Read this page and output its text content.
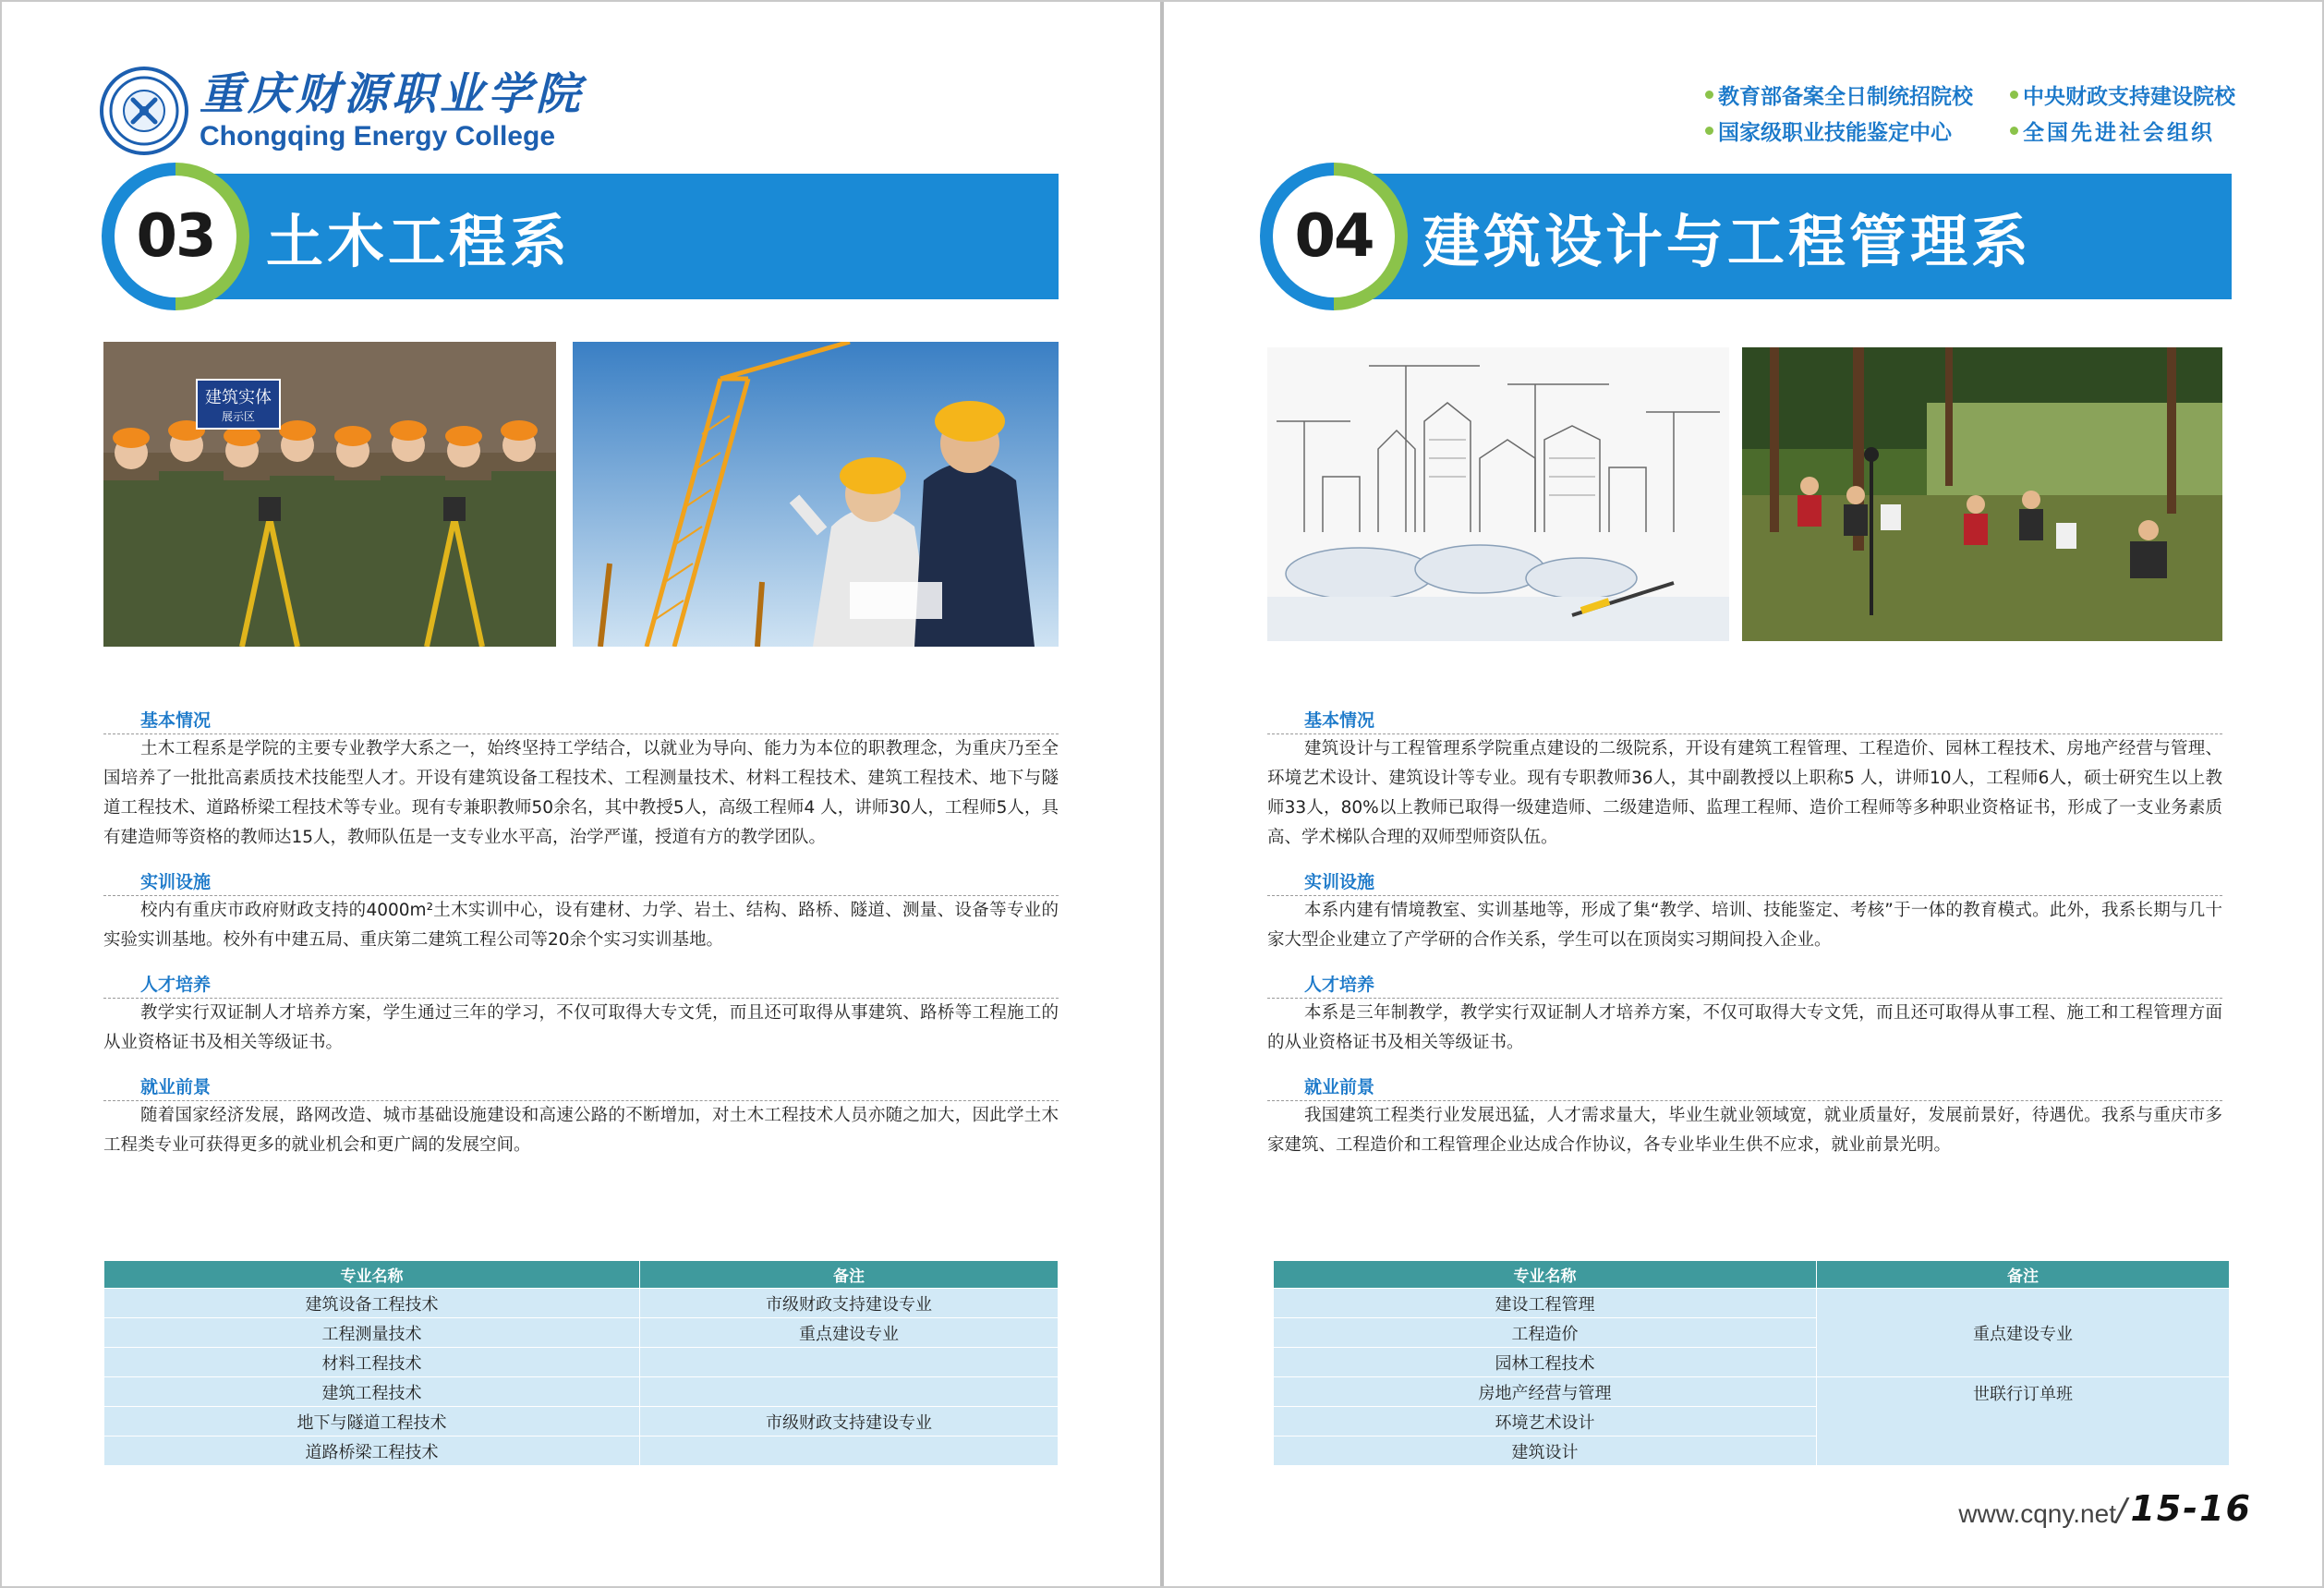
重庆财源职业学院
Chongqing Energy College
03 土木工程系
建筑实体
展示区
基本情况
土木工程系是学院的主要专业教学大系之一，始终坚持工学结合，以就业为导向、能力为本位的职教理念，为重庆乃至全国培养了一批批高素质技术技能型人才。开设有建筑设备工程技术、工程测量技术、材料工程技术、建筑工程技术、地下与隧道工程技术、道路桥梁工程技术等专业。现有专兼职教师50余名，其中教授5人，高级工程师4 人，讲师30人，工程师5人，具有建造师等资格的教师达15人，教师队伍是一支专业水平高，治学严谨，授道有方的教学团队。
实训设施
校内有重庆市政府财政支持的4000m²土木实训中心，设有建材、力学、岩土、结构、路桥、隧道、测量、设备等专业的实验实训基地。校外有中建五局、重庆第二建筑工程公司等20余个实习实训基地。
人才培养
教学实行双证制人才培养方案，学生通过三年的学习，不仅可取得大专文凭，而且还可取得从事建筑、路桥等工程施工的从业资格证书及相关等级证书。
就业前景
随着国家经济发展，路网改造、城市基础设施建设和高速公路的不断增加，对土木工程技术人员亦随之加大，因此学土木工程类专业可获得更多的就业机会和更广阔的发展空间。
专业名称	备注
建筑设备工程技术	市级财政支持建设专业
工程测量技术	重点建设专业
材料工程技术	
建筑工程技术	
地下与隧道工程技术	市级财政支持建设专业
道路桥梁工程技术	
教育部备案全日制统招院校 中央财政支持建设院校
国家级职业技能鉴定中心	全国先进社会组织
04 建筑设计与工程管理系
基本情况
建筑设计与工程管理系学院重点建设的二级院系，开设有建筑工程管理、工程造价、园林工程技术、房地产经营与管理、环境艺术设计、建筑设计等专业。现有专职教师36人，其中副教授以上职称5 人，讲师10人，工程师6人，硕士研究生以上教师33人，80%以上教师已取得一级建造师、二级建造师、监理工程师、造价工程师等多种职业资格证书，形成了一支业务素质高、学术梯队合理的双师型师资队伍。
实训设施
本系内建有情境教室、实训基地等，形成了集“教学、培训、技能鉴定、考核”于一体的教育模式。此外，我系长期与几十家大型企业建立了产学研的合作关系，学生可以在顶岗实习期间投入企业。
人才培养
本系是三年制教学，教学实行双证制人才培养方案，不仅可取得大专文凭，而且还可取得从事工程、施工和工程管理方面的从业资格证书及相关等级证书。
就业前景
我国建筑工程类行业发展迅猛，人才需求量大，毕业生就业领域宽，就业质量好，发展前景好，待遇优。我系与重庆市多家建筑、工程造价和工程管理企业达成合作协议，各专业毕业生供不应求，就业前景光明。
专业名称	备注
建设工程管理	重点建设专业
工程造价	
园林工程技术	
房地产经营与管理	世联行订单班
环境艺术设计	
建筑设计	
www.cqny.net / 15-16
